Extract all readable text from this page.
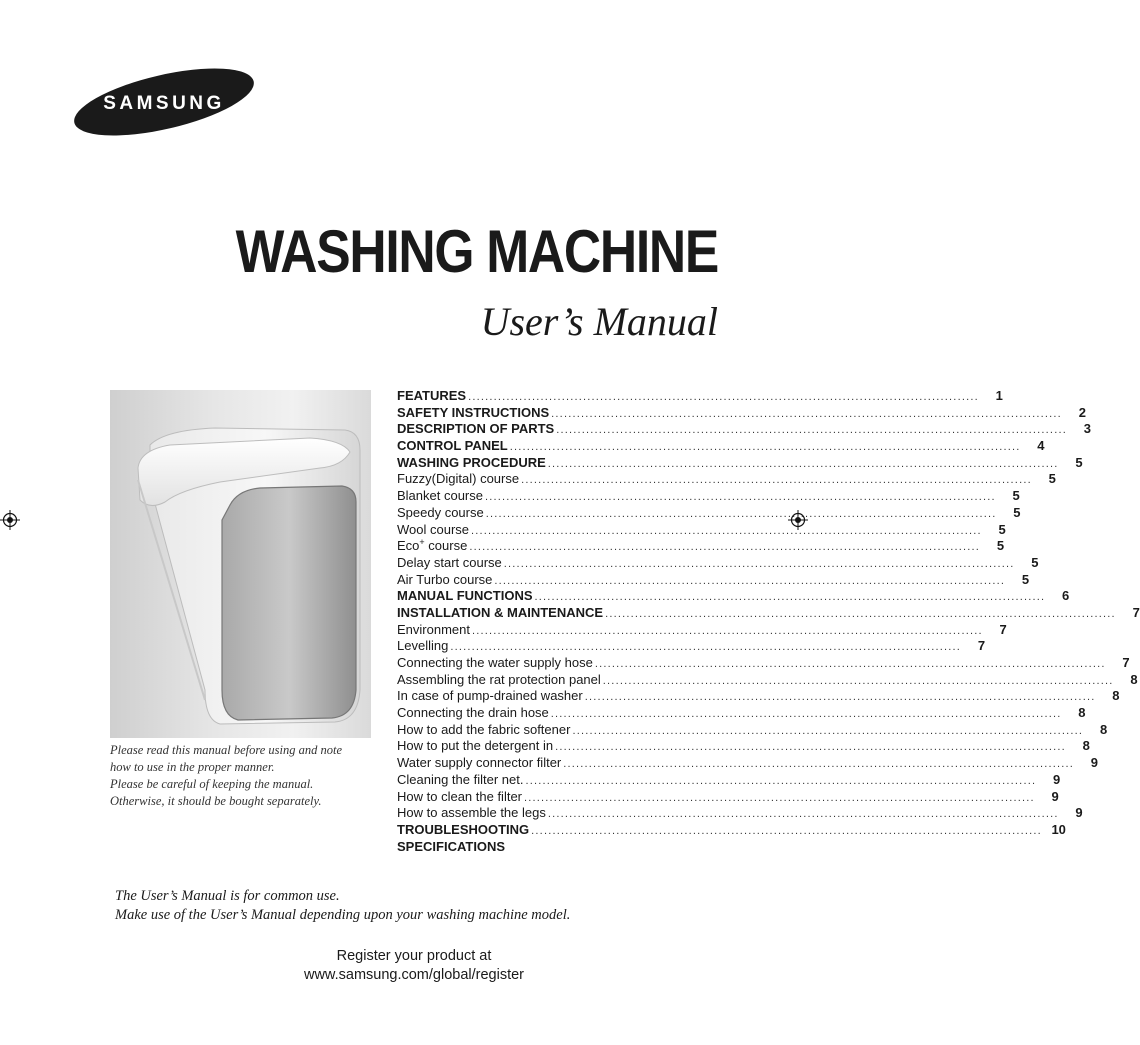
SAMSUNG
WASHING MACHINE
User’s Manual
Please read this manual before using and note
how to use in the proper manner.
Please be careful of keeping the manual.
Otherwise, it should be bought separately.
FEATURES ........................................................................................................................	1
SAFETY INSTRUCTIONS ........................................................................................................................	2
DESCRIPTION OF PARTS ........................................................................................................................	3
CONTROL PANEL ........................................................................................................................	4
WASHING PROCEDURE ........................................................................................................................	5
Fuzzy(Digital) course ........................................................................................................................	5
Blanket course ........................................................................................................................	5
Speedy course ........................................................................................................................	5
Wool course ........................................................................................................................	5
Eco+ course ........................................................................................................................	5
Delay start course ........................................................................................................................	5
Air Turbo course ........................................................................................................................	5
MANUAL FUNCTIONS ........................................................................................................................	6
INSTALLATION & MAINTENANCE ........................................................................................................................	7
Environment ........................................................................................................................	7
Levelling ........................................................................................................................	7
Connecting the water supply hose ........................................................................................................................	7
Assembling the rat protection panel ........................................................................................................................	8
In case of pump-drained washer ........................................................................................................................	8
Connecting the drain hose ........................................................................................................................	8
How to add the fabric softener ........................................................................................................................	8
How to put the detergent in ........................................................................................................................	8
Water supply connector filter ........................................................................................................................	9
Cleaning the filter net. ........................................................................................................................	9
How to clean the filter ........................................................................................................................	9
How to assemble the legs ........................................................................................................................	9
TROUBLESHOOTING ........................................................................................................................ 10
SPECIFICATIONS
The User’s Manual is for common use.
Make use of the User’s Manual depending upon your washing machine model.
Register your product at
www.samsung.com/global/register
